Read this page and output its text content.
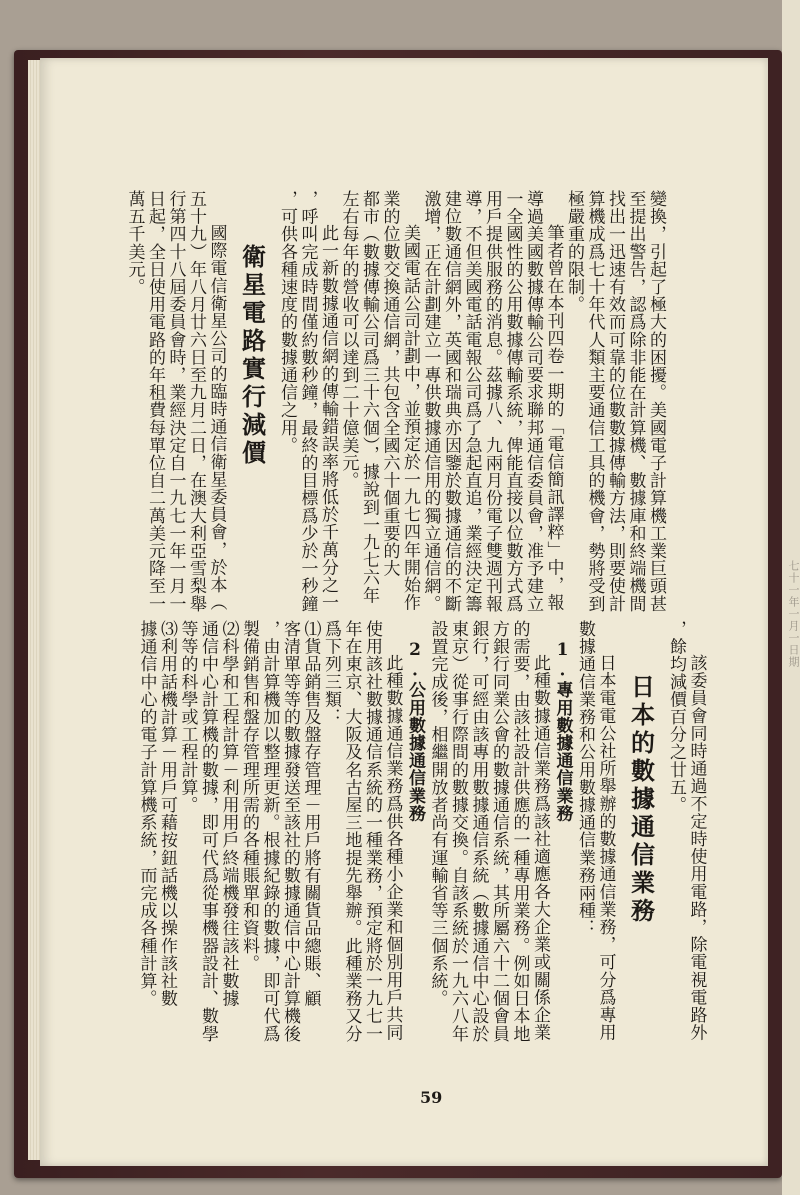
七十一年一月一日期

變換，引起了極大的困擾。美國電子計算機工業巨頭甚

至提出警告，認爲除非能在計算機、數據庫和終端機間

找出一迅速有效而可靠的位數數據傳輸方法，則要使計

算機成爲七十年代人類主要通信工具的機會，勢將受到

極嚴重的限制。

筆者曾在本刊四卷一期的「電信簡訊譯粹」中，報

導過美國數據傳輸公司要求聯邦通信委員會，准予建立

一全國性的公用數據傳輸系統，俾能直接以位數方式爲

用戶提供服務的消息。茲據八、九兩月份電子雙週刊報

導，不但美國電話電報公司爲了急起直追，業經決定籌

建位數通信網外，英國和瑞典亦因鑒於數據通信的不斷

激增，正在計劃建立一專供數據通信用的獨立通信網。

美國電話公司計劃中，並預定於一九七四年開始作

業的位數交換通信網，共包含全國六十個重要的大

都市（數據傳輸公司爲三十六個），據說到一九七六年

左右每年的營收可以達到二十億美元。

此一新數據通信網的傳輸錯誤率將低於千萬分之一

，呼叫完成時間僅約數秒鐘，最終的目標爲少於一秒鐘

，可供各種速度的數據通信之用。

衛星電路實行減價

國際電信衛星公司的臨時通信衛星委員會，於本（

五十九）年八月廿六日至九月二日，在澳大利亞雪梨舉

行第四十八屆委員會時，業經決定自一九七一年一月一

日起，全日使用電路的年租費每單位自二萬美元降至一

萬五千美元。

該委員會同時通過不定時使用電路，除電視電路外

，餘均減價百分之廿五。

日本的數據通信業務

日本電電公社所舉辦的數據通信業務，可分爲專用

數據通信業務和公用數據通信業務兩種：

1.專用數據通信業務

此種數據通信業務爲該社適應各大企業或關係企業

的需要，由該社設計供應的一種專用業務。例如日本地

方銀行同業公會的數據通信系統，其所屬六十二個會員

銀行，可經由該專用數據通信系統（數據通信中心設於

東京）從事行際間的數據交換。自該系統於一九六八年

設置完成後，相繼開放者尚有運輸省等三個系統。

2.公用數據通信業務

此種數據通信業務爲供各種小企業和個別用戶共同

使用該社數據通信系統的一種業務，預定將於一九七一

年在東京、大阪及名古屋三地提先舉辦。此種業務又分

爲下列三類：

⑴貨品銷售及盤存管理－用戶將有關貨品總賬、顧

客清單等等的數據發送至該社的數據通信中心計算機後

，由計算機加以整理更新。根據紀錄的數據，即可代爲

製備銷售和盤存管理所需的各種賬單和資料。

⑵科學和工程計算－利用用戶終端機發往該社數據

通信中心計算機的數據，即可代爲從事機器設計、數學

等等的科學或工程計算。

⑶利用話機計算－用戶可藉按鈕話機以操作該社數

據通信中心的電子計算機系統，而完成各種計算。

59
